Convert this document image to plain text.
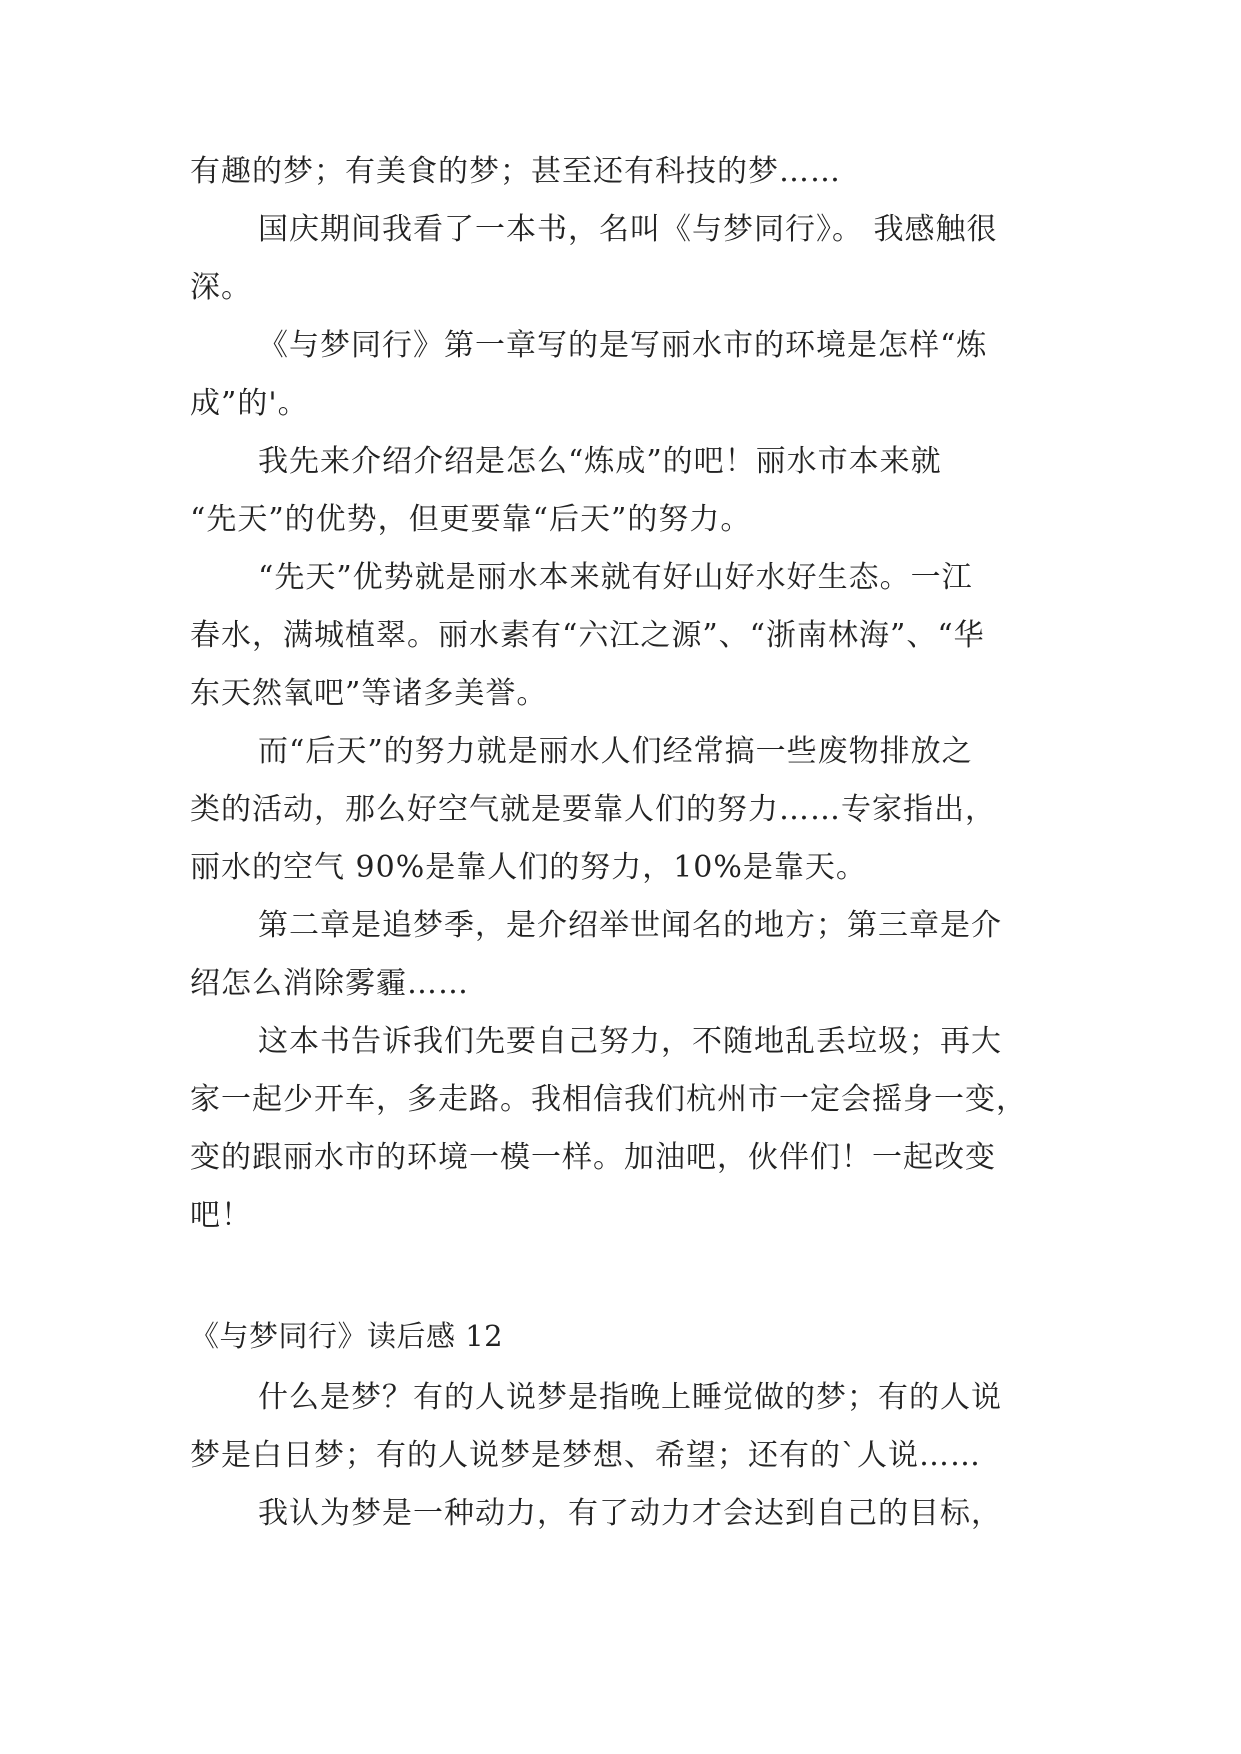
有趣的梦；有美食的梦；甚至还有科技的梦……
国庆期间我看了一本书，名叫《与梦同行》。 我感触很
深。
《与梦同行》第一章写的是写丽水市的环境是怎样“炼
成”的'。
我先来介绍介绍是怎么“炼成”的吧！丽水市本来就
“先天”的优势，但更要靠“后天”的努力。
“先天”优势就是丽水本来就有好山好水好生态。一江
春水，满城植翠。丽水素有“六江之源”、“浙南林海”、“华
东天然氧吧”等诸多美誉。
而“后天”的努力就是丽水人们经常搞一些废物排放之
类的活动，那么好空气就是要靠人们的努力……专家指出，
丽水的空气 90%是靠人们的努力，10%是靠天。
第二章是追梦季，是介绍举世闻名的地方；第三章是介
绍怎么消除雾霾……
这本书告诉我们先要自己努力，不随地乱丢垃圾；再大
家一起少开车，多走路。我相信我们杭州市一定会摇身一变，
变的跟丽水市的环境一模一样。加油吧，伙伴们！一起改变
吧！
《与梦同行》读后感 12
什么是梦？有的人说梦是指晚上睡觉做的梦；有的人说
梦是白日梦；有的人说梦是梦想、希望；还有的`人说……
我认为梦是一种动力，有了动力才会达到自己的目标，
